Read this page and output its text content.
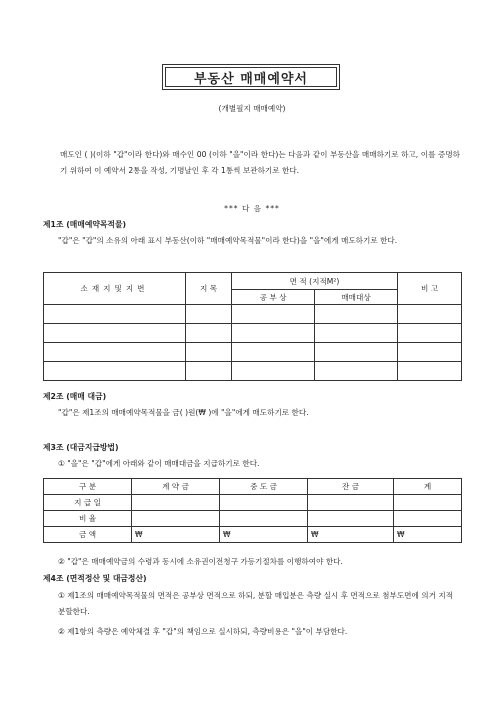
부동산 매매예약서
(개별필지 매매예약)
매도인 ( )(이하 "갑"이라 한다)와 매수인 00 (이하 "을"이라 한다)는 다음과 같이 부동산을 매매하기로 하고, 이를 증명하기 위하여 이 예약서 2통을 작성, 기명날인 후 각 1통씩 보관하기로 한다.
*** 다 음 ***
제1조 (매매예약목적물)
"갑"은 "갑"의 소유의 아래 표시 부동산(이하 "매매예약목적물"이라 한다)을 "을"에게 매도하기로 한다.
소재지및지번	지 목	면 적 (지적M²)		비 고
		공 부 상	매매대상	

제2조 (매매 대금)
"갑"은 제1조의 매매예약목적물을 금( )원(₩ )에 "을"에게 매도하기로 한다.
제3조 (대금지급방법)
① "을"은 "갑"에게 아래와 같이 매매대금을 지급하기로 한다.
구 분	계 약 금	중 도 금	잔 금	계
지 급 일				
비 율				
금 액	₩	₩	₩	₩
② "갑"은 매매예약금의 수령과 동시에 소유권이전청구 가등기절차를 이행하여야 한다.
제4조 (면적정산 및 대금정산)
① 제1조의 매매예약목적물의 면적은 공부상 면적으로 하되, 분할 매입분은 측량 실시 후 면적으로 첨부도면에 의거 지적분할한다.
② 제1항의 측량은 예약체결 후 "갑"의 책임으로 실시하되, 측량비용은 "을"이 부담한다.
